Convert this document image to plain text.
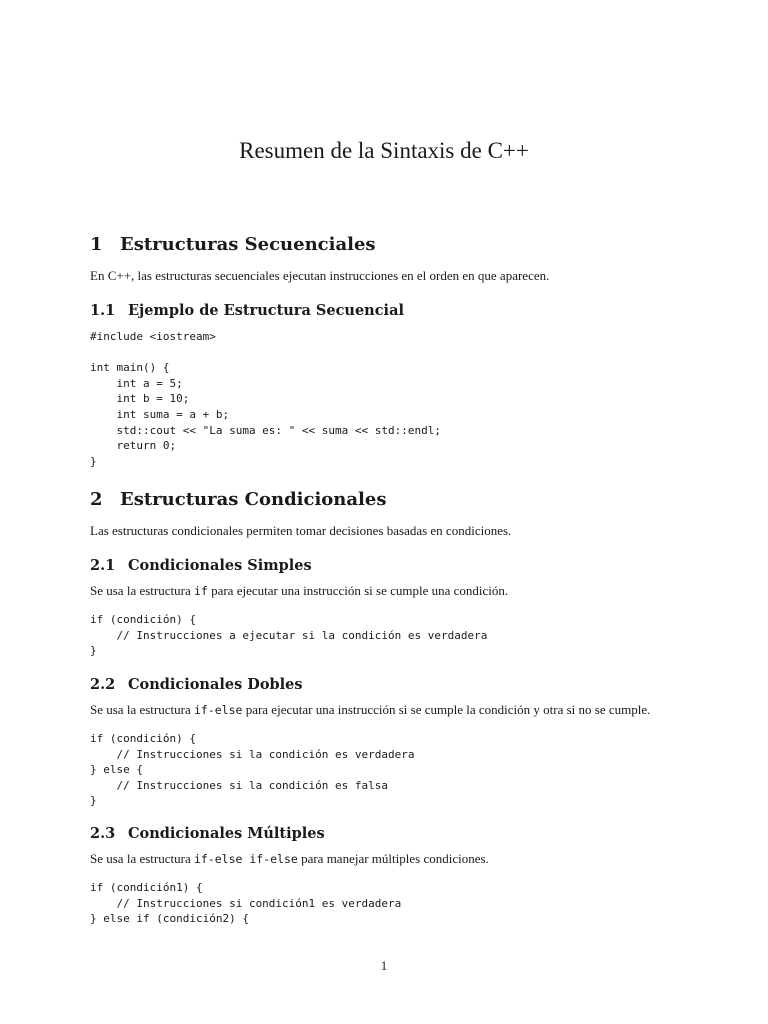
Resumen de la Sintaxis de C++
1 Estructuras Secuenciales
En C++, las estructuras secuenciales ejecutan instrucciones en el orden en que aparecen.
1.1 Ejemplo de Estructura Secuencial
#include <iostream>

int main() {
int a = 5;
int b = 10;
int suma = a + b;
std::cout << "La suma es: " << suma << std::endl;
return 0;
}
2 Estructuras Condicionales
Las estructuras condicionales permiten tomar decisiones basadas en condiciones.
2.1 Condicionales Simples
Se usa la estructura if para ejecutar una instrucción si se cumple una condición.
if (condición) {
// Instrucciones a ejecutar si la condición es verdadera
}
2.2 Condicionales Dobles
Se usa la estructura if-else para ejecutar una instrucción si se cumple la condición y otra si no se cumple.
if (condición) {
// Instrucciones si la condición es verdadera
} else {
// Instrucciones si la condición es falsa
}
2.3 Condicionales Múltiples
Se usa la estructura if-else if-else para manejar múltiples condiciones.
if (condición1) {
// Instrucciones si condición1 es verdadera
} else if (condición2) {
1
